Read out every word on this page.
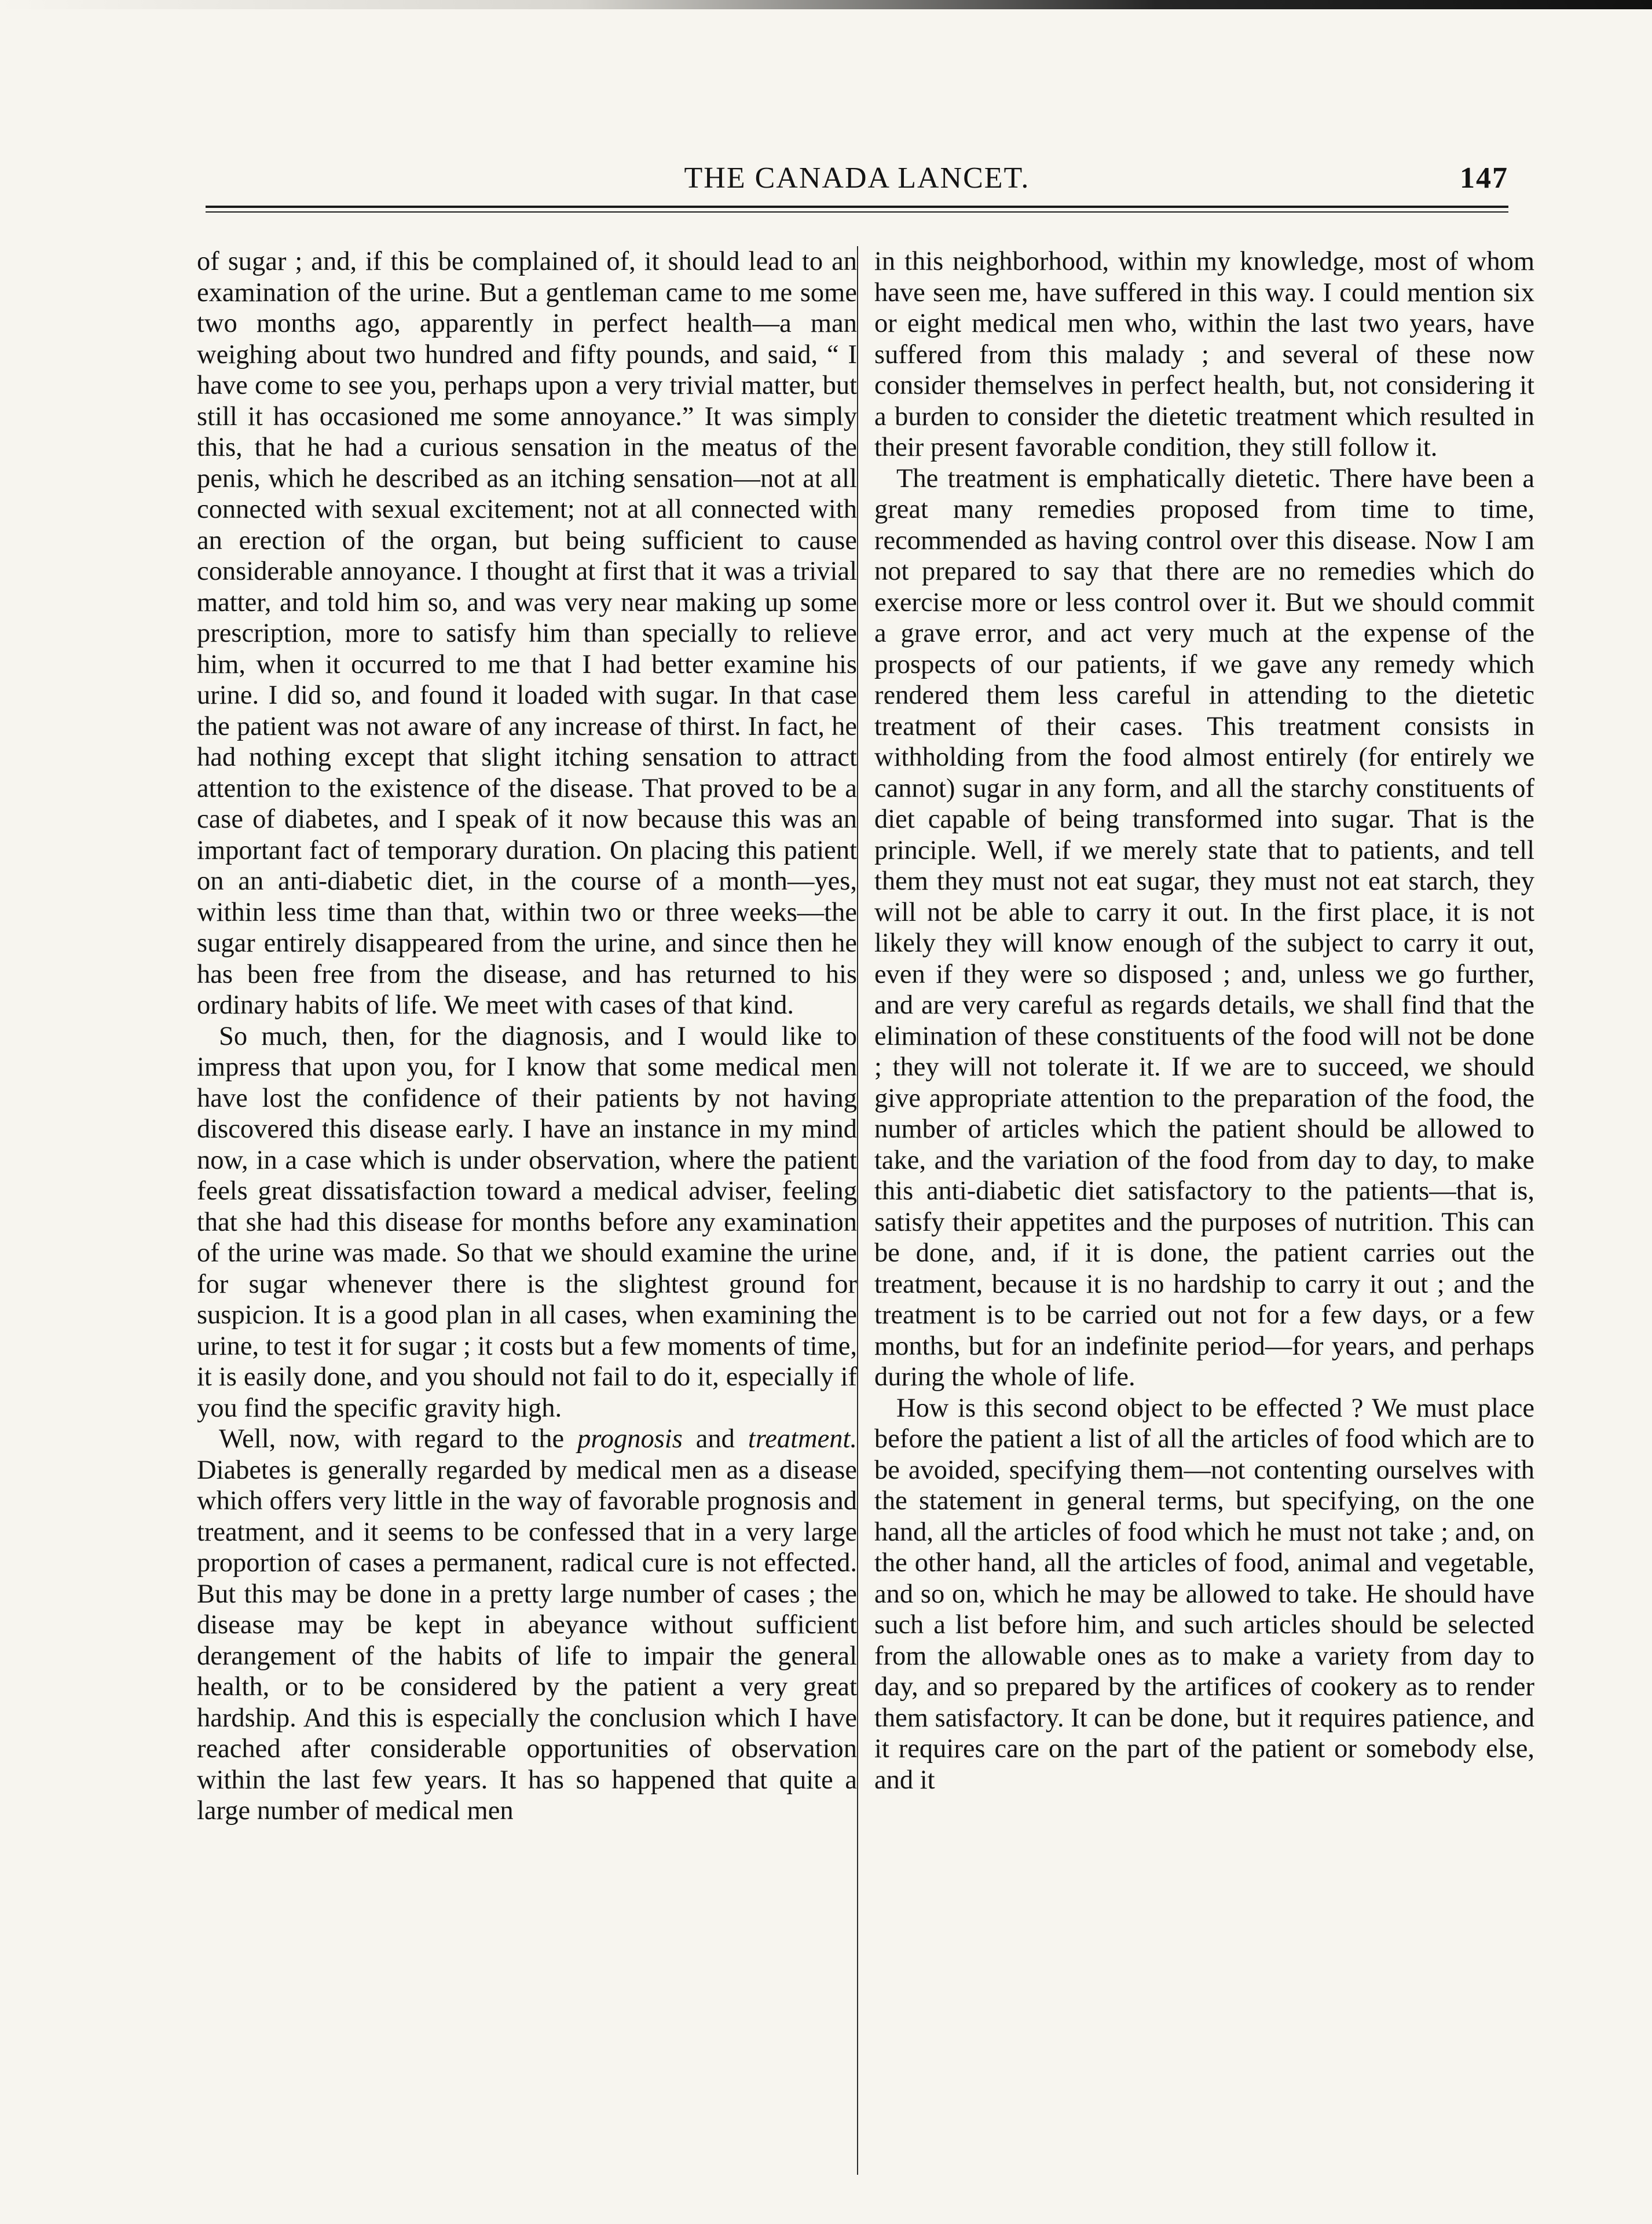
THE CANADA LANCET.	147

of sugar ; and, if this be complained of, it should lead to an examination of the urine. But a gentleman came to me some two months ago, apparently in perfect health—a man weighing about two hundred and fifty pounds, and said, “ I have come to see you, perhaps upon a very trivial matter, but still it has occasioned me some annoyance.” It was simply this, that he had a curious sensation in the meatus of the penis, which he described as an itching sensation—not at all connected with sexual excitement; not at all connected with an erection of the organ, but being sufficient to cause considerable annoyance. I thought at first that it was a trivial matter, and told him so, and was very near making up some prescription, more to satisfy him than specially to relieve him, when it occurred to me that I had better examine his urine. I did so, and found it loaded with sugar. In that case the patient was not aware of any increase of thirst. In fact, he had nothing except that slight itching sensation to attract attention to the existence of the disease. That proved to be a case of diabetes, and I speak of it now because this was an important fact of temporary duration. On placing this patient on an anti-diabetic diet, in the course of a month—yes, within less time than that, within two or three weeks—the sugar entirely disappeared from the urine, and since then he has been free from the disease, and has returned to his ordinary habits of life. We meet with cases of that kind.

So much, then, for the diagnosis, and I would like to impress that upon you, for I know that some medical men have lost the confidence of their patients by not having discovered this disease early. I have an instance in my mind now, in a case which is under observation, where the patient feels great dissatisfaction toward a medical adviser, feeling that she had this disease for months before any examination of the urine was made. So that we should examine the urine for sugar whenever there is the slightest ground for suspicion. It is a good plan in all cases, when examining the urine, to test it for sugar ; it costs but a few moments of time, it is easily done, and you should not fail to do it, especially if you find the specific gravity high.

Well, now, with regard to the prognosis and treatment. Diabetes is generally regarded by medical men as a disease which offers very little in the way of favorable prognosis and treatment, and it seems to be confessed that in a very large proportion of cases a permanent, radical cure is not effected. But this may be done in a pretty large number of cases ; the disease may be kept in abeyance without sufficient derangement of the habits of life to impair the general health, or to be considered by the patient a very great hardship. And this is especially the conclusion which I have reached after considerable opportunities of observation within the last few years. It has so happened that quite a large number of medical men

in this neighborhood, within my knowledge, most of whom have seen me, have suffered in this way. I could mention six or eight medical men who, within the last two years, have suffered from this malady ; and several of these now consider themselves in perfect health, but, not considering it a burden to consider the dietetic treatment which resulted in their present favorable condition, they still follow it.

The treatment is emphatically dietetic. There have been a great many remedies proposed from time to time, recommended as having control over this disease. Now I am not prepared to say that there are no remedies which do exercise more or less control over it. But we should commit a grave error, and act very much at the expense of the prospects of our patients, if we gave any remedy which rendered them less careful in attending to the dietetic treatment of their cases. This treatment consists in withholding from the food almost entirely (for entirely we cannot) sugar in any form, and all the starchy constituents of diet capable of being transformed into sugar. That is the principle. Well, if we merely state that to patients, and tell them they must not eat sugar, they must not eat starch, they will not be able to carry it out. In the first place, it is not likely they will know enough of the subject to carry it out, even if they were so disposed ; and, unless we go further, and are very careful as regards details, we shall find that the elimination of these constituents of the food will not be done ; they will not tolerate it. If we are to succeed, we should give appropriate attention to the preparation of the food, the number of articles which the patient should be allowed to take, and the variation of the food from day to day, to make this anti-diabetic diet satisfactory to the patients—that is, satisfy their appetites and the purposes of nutrition. This can be done, and, if it is done, the patient carries out the treatment, because it is no hardship to carry it out ; and the treatment is to be carried out not for a few days, or a few months, but for an indefinite period—for years, and perhaps during the whole of life.

How is this second object to be effected ? We must place before the patient a list of all the articles of food which are to be avoided, specifying them—not contenting ourselves with the statement in general terms, but specifying, on the one hand, all the articles of food which he must not take ; and, on the other hand, all the articles of food, animal and vegetable, and so on, which he may be allowed to take. He should have such a list before him, and such articles should be selected from the allowable ones as to make a variety from day to day, and so prepared by the artifices of cookery as to render them satisfactory. It can be done, but it requires patience, and it requires care on the part of the patient or somebody else, and it
